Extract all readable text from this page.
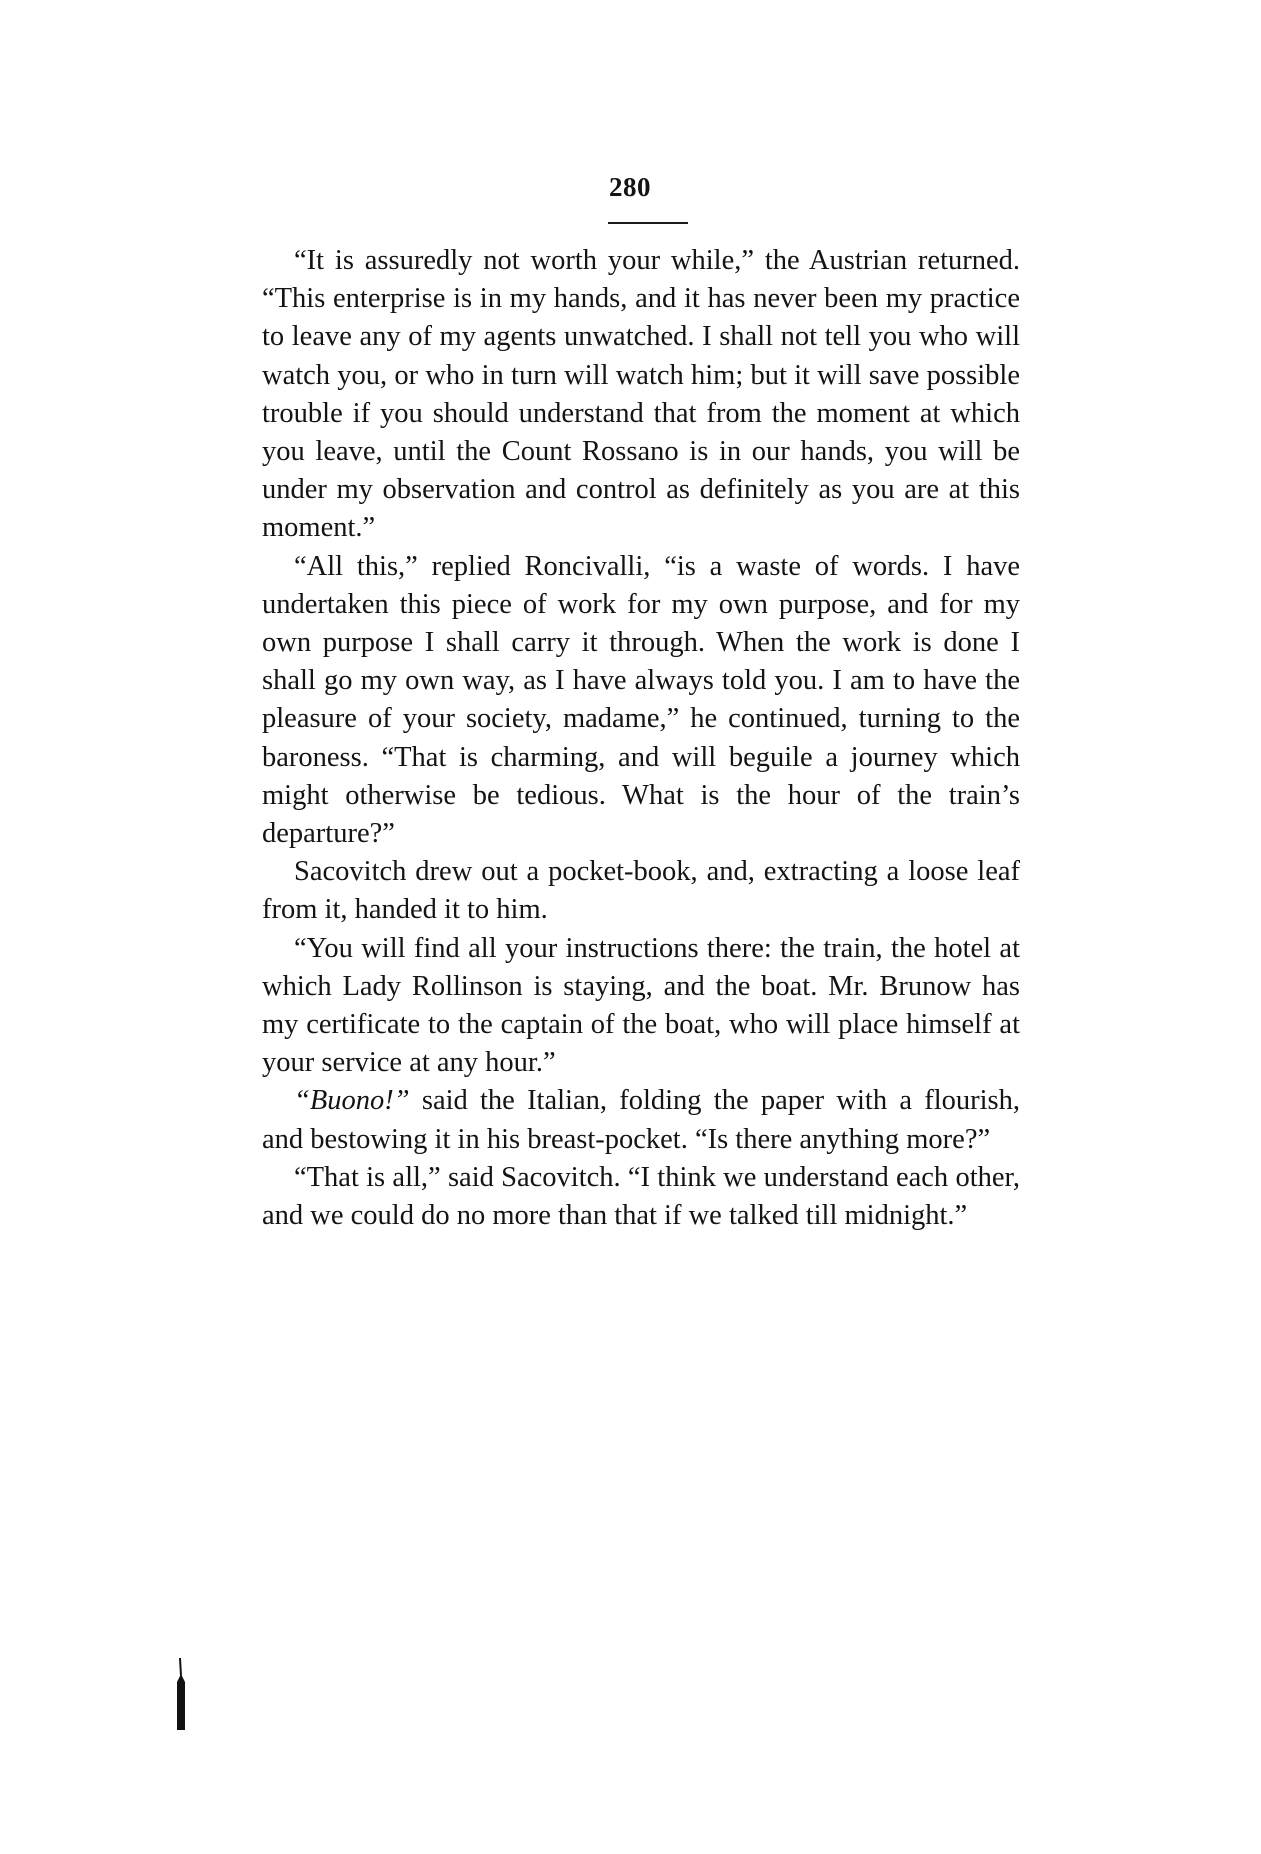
280

“It is assuredly not worth your while,” the Austrian returned. “This enterprise is in my hands, and it has never been my practice to leave any of my agents unwatched. I shall not tell you who will watch you, or who in turn will watch him; but it will save possible trouble if you should understand that from the moment at which you leave, until the Count Rossano is in our hands, you will be under my observation and control as definitely as you are at this moment.”

“All this,” replied Roncivalli, “is a waste of words. I have undertaken this piece of work for my own purpose, and for my own purpose I shall carry it through. When the work is done I shall go my own way, as I have always told you. I am to have the pleasure of your society, madame,” he continued, turning to the baroness. “That is charming, and will beguile a journey which might otherwise be tedious. What is the hour of the train’s departure?”

Sacovitch drew out a pocket-book, and, extracting a loose leaf from it, handed it to him.

“You will find all your instructions there: the train, the hotel at which Lady Rollinson is staying, and the boat. Mr. Brunow has my certificate to the captain of the boat, who will place himself at your service at any hour.”

“Buono!” said the Italian, folding the paper with a flourish, and bestowing it in his breast-pocket. “Is there anything more?”

“That is all,” said Sacovitch. “I think we understand each other, and we could do no more than that if we talked till midnight.”
